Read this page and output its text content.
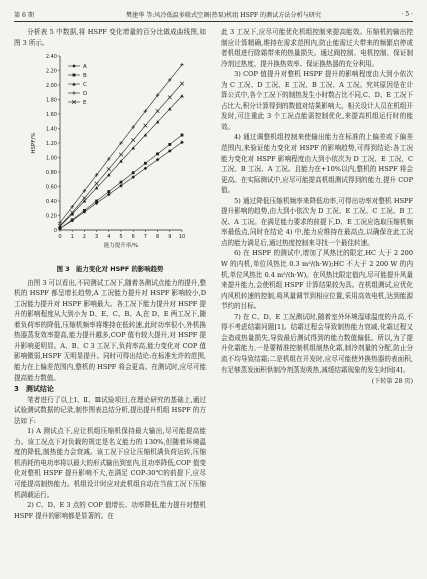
第 6 期	樊建华 等:风冷低温多联式空调(热泵)机组 HSPF 的测试方法分析与研究	· 5 ·

分析表 5 中数据,将 HSPF 变化增量的百分比做成曲线图,如图 3 所示。

0
0.20
0.40
0.60
0.80
1.00
1.20
1.40
1.60
1.80
2.00
2.20
2.40
0 1 2 3 4 5 6 7 8 9 10
能力提升率/%
HSPF/%
A
B
C
D
E
图 3　能力变化对 HSPF 的影响趋势

由图 3 可以看出,不同测试工况下,随着各测试点能力的提升,整机的 HSPF 都呈增长趋势,A 工况能力提升对 HSPF 影响较小,D 工况能力提升对 HSPF 影响最大。各工况下能力提升对 HSPF 提升的影响程度从大到小为 D、E、C、B、A,在 D、E 两工况下,随着负荷率的降低,压缩机频率将维持在低转速,此时功率很小,外机换热器蒸发效率提高,能力提升越多,COP 值有较大提升,对 HSPF 提升影响更明显。A、B、C 3 工况下,负荷率高,能力变化对 COP 值影响微弱,HSPF 无明显提升。同时可得出结论:在标准允许的范围,能力在上偏差范围内,整机的 HSPF 将会更高。在测试时,应尽可能提高能力数值。

3　测试结论

笔者进行了以上Ⅰ、Ⅱ、Ⅲ试验项目,在理论研究的基础上,通过试验测试数据的记录,制作图表总结分析,提出提升机组 HSPF 的方法如下:

1) A 测试点下,应让机组压缩机保持最大输出,尽可能提高能力。该工况点下对负载的规定是名义能力的 130%,但随着环境温度的降低,制热能力会衰减。该工况下应让压缩机满负荷运转,压缩机消耗的电功率将以最大的形式输出到室内,且功率降低,COP 值变化对整机 HSPF 提升影响不大,在满足 COP-30℃的前提下,应尽可能提高制热能力。机组设计时应对此机组自动在当前工况下压缩机满载运行。

2) C、D、E 3 点的 COP 值增长、功率降低,能力提升对整机 HSPF 提升的影响都是显著的。在

此 3 工况下,应尽可能优化机组控制来提高能效。压缩机的输出控制应计算精确,维持在需求范围内,防止能需过大带来的频繁启停或者机组进行除霜带来的热量损失。通过阀控制、电机控制、保证制冷剂过热度、提升换热效率、保证换热器的充分利用。

3) COP 值提升对整机 HSPF 提升的影响程度由大到小依次为 C 工况、D 工况、E 工况、B 工况、A 工况。究其原因是在计算公式中,各个工况下的制热发生小时数占比不同,C、D、E 工况下占比大,积分计算得到的数值对结果影响大。相关设计人员在机组开发时,可注重此 3 个工况点能需控制优化,来提高机组运行时的能效。

4) 通过调整机组控制来使输出能力在标准的上偏差或下偏差范围内,来验证能力变化对 HSPF 的影响趋势,可得到结论:各工况能力变化对 HSPF 影响程度由大到小依次为 D 工况、E 工况、C 工况、B 工况、A 工况。且能力在+10%以内,整机的 HSPF 将会更高。在实际测试中,应尽可能提高机组测试得到的能力,提升 COP 值。

5) 通过降低压缩机频率来降低功率,可得出功率对整机 HSPF 提升影响的趋势,由大到小依次为 D 工况、E 工况、C 工况、B 工况、A 工况。在满足能力要求的前提下,D、E 工况应选取压缩机频率最低点,同时在结论 4) 中,能力应维持在最高点,以确保在此工况点的能力满足后,通过热度控制来寻找一个最佳转速。

6) 在 HSPF 的测试中,增加了风热比的限定,HC 大于 2 200 W 的内机,单位风热比 0.3 m³/(h·W);HC 不大于 2 200 W 的内机,单位风热比 0.4 m³/(h·W)。在风热比限定值内,尽可能提升风量来提升能力,会使机组 HSPF 计算结果较为具。在机组测试,应优化内风机转速的控制,将风量调节到相应位置,采用高效电机,达到能源节约的目标。

7) 在 C、D、E 工况测试时,随着室外环境湿球温度的升高,不得不考虑结霜问题[1]。结霜过程会导致制热能力衰减,化霜过程又会造成热量损失,导致最后测试得到的能力数值偏低。所以,为了提升化霜能力,一是要精准控制机组制热化霜,制冷剂量的分配,防止分流不均导致结霜;二是机组在开发时,应尽可能使外换热器的表面积,有足够蒸发面积供制冷剂蒸发吸热,减缓结霜现象的发生时间[4]。

(下转第 28 页)
